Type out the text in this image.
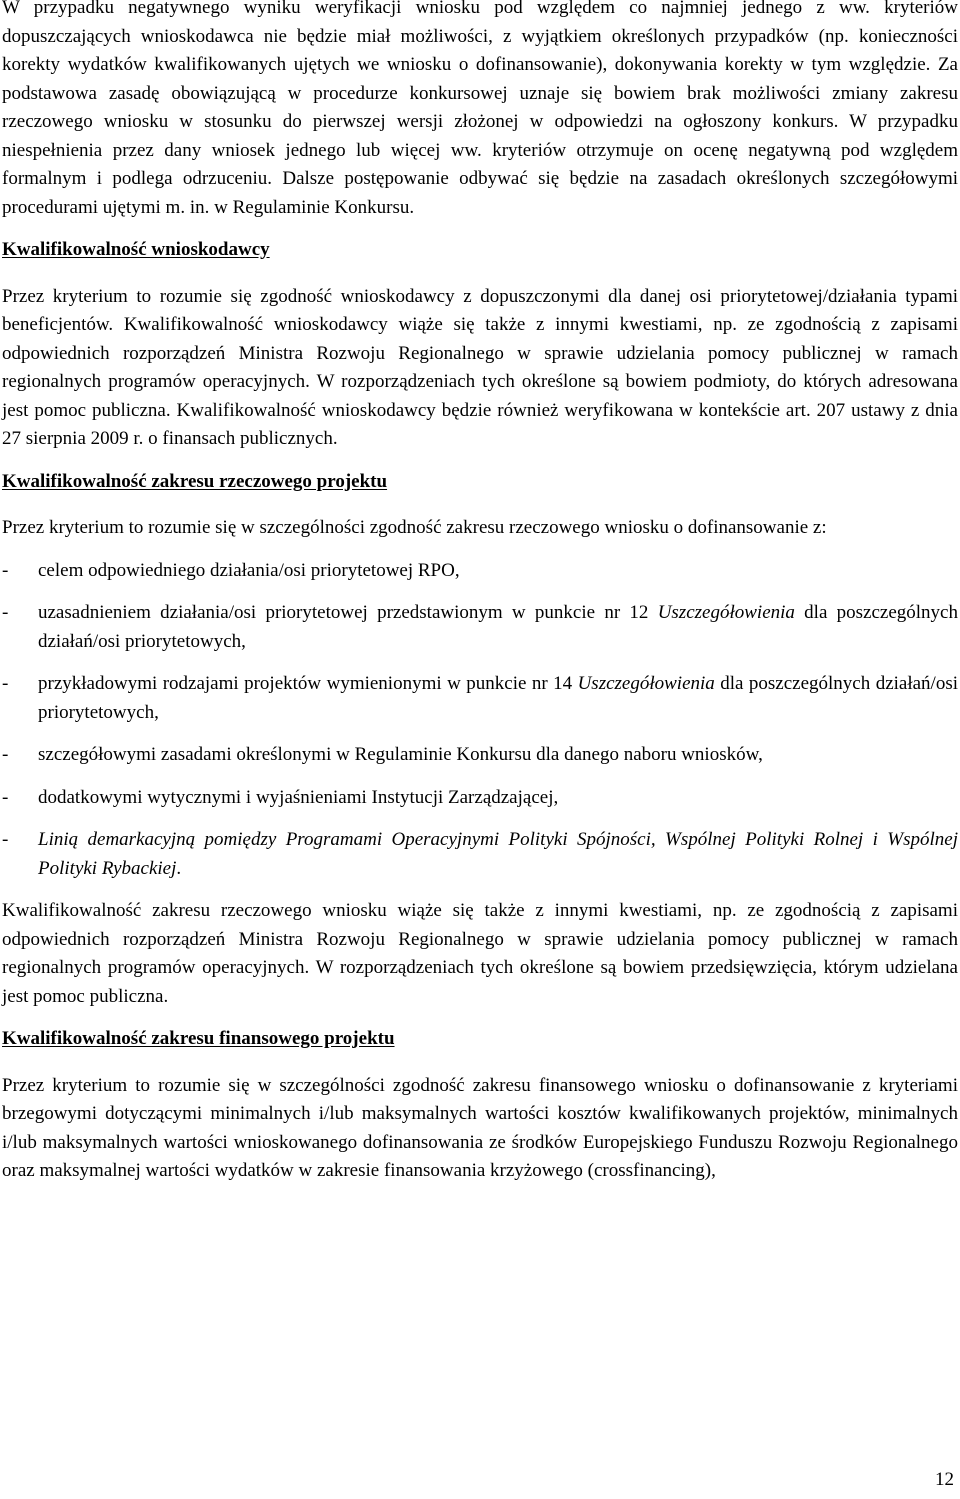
W przypadku negatywnego wyniku weryfikacji wniosku pod względem co najmniej jednego z ww. kryteriów dopuszczających wnioskodawca nie będzie miał możliwości, z wyjątkiem określonych przypadków (np. konieczności korekty wydatków kwalifikowanych ujętych we wniosku o dofinansowanie), dokonywania korekty w tym względzie. Za podstawowa zasadę obowiązującą w procedurze konkursowej uznaje się bowiem brak możliwości zmiany zakresu rzeczowego wniosku w stosunku do pierwszej wersji złożonej w odpowiedzi na ogłoszony konkurs. W przypadku niespełnienia przez dany wniosek jednego lub więcej ww. kryteriów otrzymuje on ocenę negatywną pod względem formalnym i podlega odrzuceniu. Dalsze postępowanie odbywać się będzie na zasadach określonych szczegółowymi procedurami ujętymi m. in. w Regulaminie Konkursu.

Kwalifikowalność wnioskodawcy

Przez kryterium to rozumie się zgodność wnioskodawcy z dopuszczonymi dla danej osi priorytetowej/działania typami beneficjentów. Kwalifikowalność wnioskodawcy wiąże się także z innymi kwestiami, np. ze zgodnością z zapisami odpowiednich rozporządzeń Ministra Rozwoju Regionalnego w sprawie udzielania pomocy publicznej w ramach regionalnych programów operacyjnych. W rozporządzeniach tych określone są bowiem podmioty, do których adresowana jest pomoc publiczna. Kwalifikowalność wnioskodawcy będzie również weryfikowana w kontekście art. 207 ustawy z dnia 27 sierpnia 2009 r. o finansach publicznych.

Kwalifikowalność zakresu rzeczowego projektu

Przez kryterium to rozumie się w szczególności zgodność zakresu rzeczowego wniosku o dofinansowanie z:

- celem odpowiedniego działania/osi priorytetowej RPO,
- uzasadnieniem działania/osi priorytetowej przedstawionym w punkcie nr 12 Uszczegółowienia dla poszczególnych działań/osi priorytetowych,
- przykładowymi rodzajami projektów wymienionymi w punkcie nr 14 Uszczegółowienia dla poszczególnych działań/osi priorytetowych,
- szczegółowymi zasadami określonymi w Regulaminie Konkursu dla danego naboru wniosków,
- dodatkowymi wytycznymi i wyjaśnieniami Instytucji Zarządzającej,
- Linią demarkacyjną pomiędzy Programami Operacyjnymi Polityki Spójności, Wspólnej Polityki Rolnej i Wspólnej Polityki Rybackiej.

Kwalifikowalność zakresu rzeczowego wniosku wiąże się także z innymi kwestiami, np. ze zgodnością z zapisami odpowiednich rozporządzeń Ministra Rozwoju Regionalnego w sprawie udzielania pomocy publicznej w ramach regionalnych programów operacyjnych. W rozporządzeniach tych określone są bowiem przedsięwzięcia, którym udzielana jest pomoc publiczna.

Kwalifikowalność zakresu finansowego projektu

Przez kryterium to rozumie się w szczególności zgodność zakresu finansowego wniosku o dofinansowanie z kryteriami brzegowymi dotyczącymi minimalnych i/lub maksymalnych wartości kosztów kwalifikowanych projektów, minimalnych i/lub maksymalnych wartości wnioskowanego dofinansowania ze środków Europejskiego Funduszu Rozwoju Regionalnego oraz maksymalnej wartości wydatków w zakresie finansowania krzyżowego (crossfinancing),

12
